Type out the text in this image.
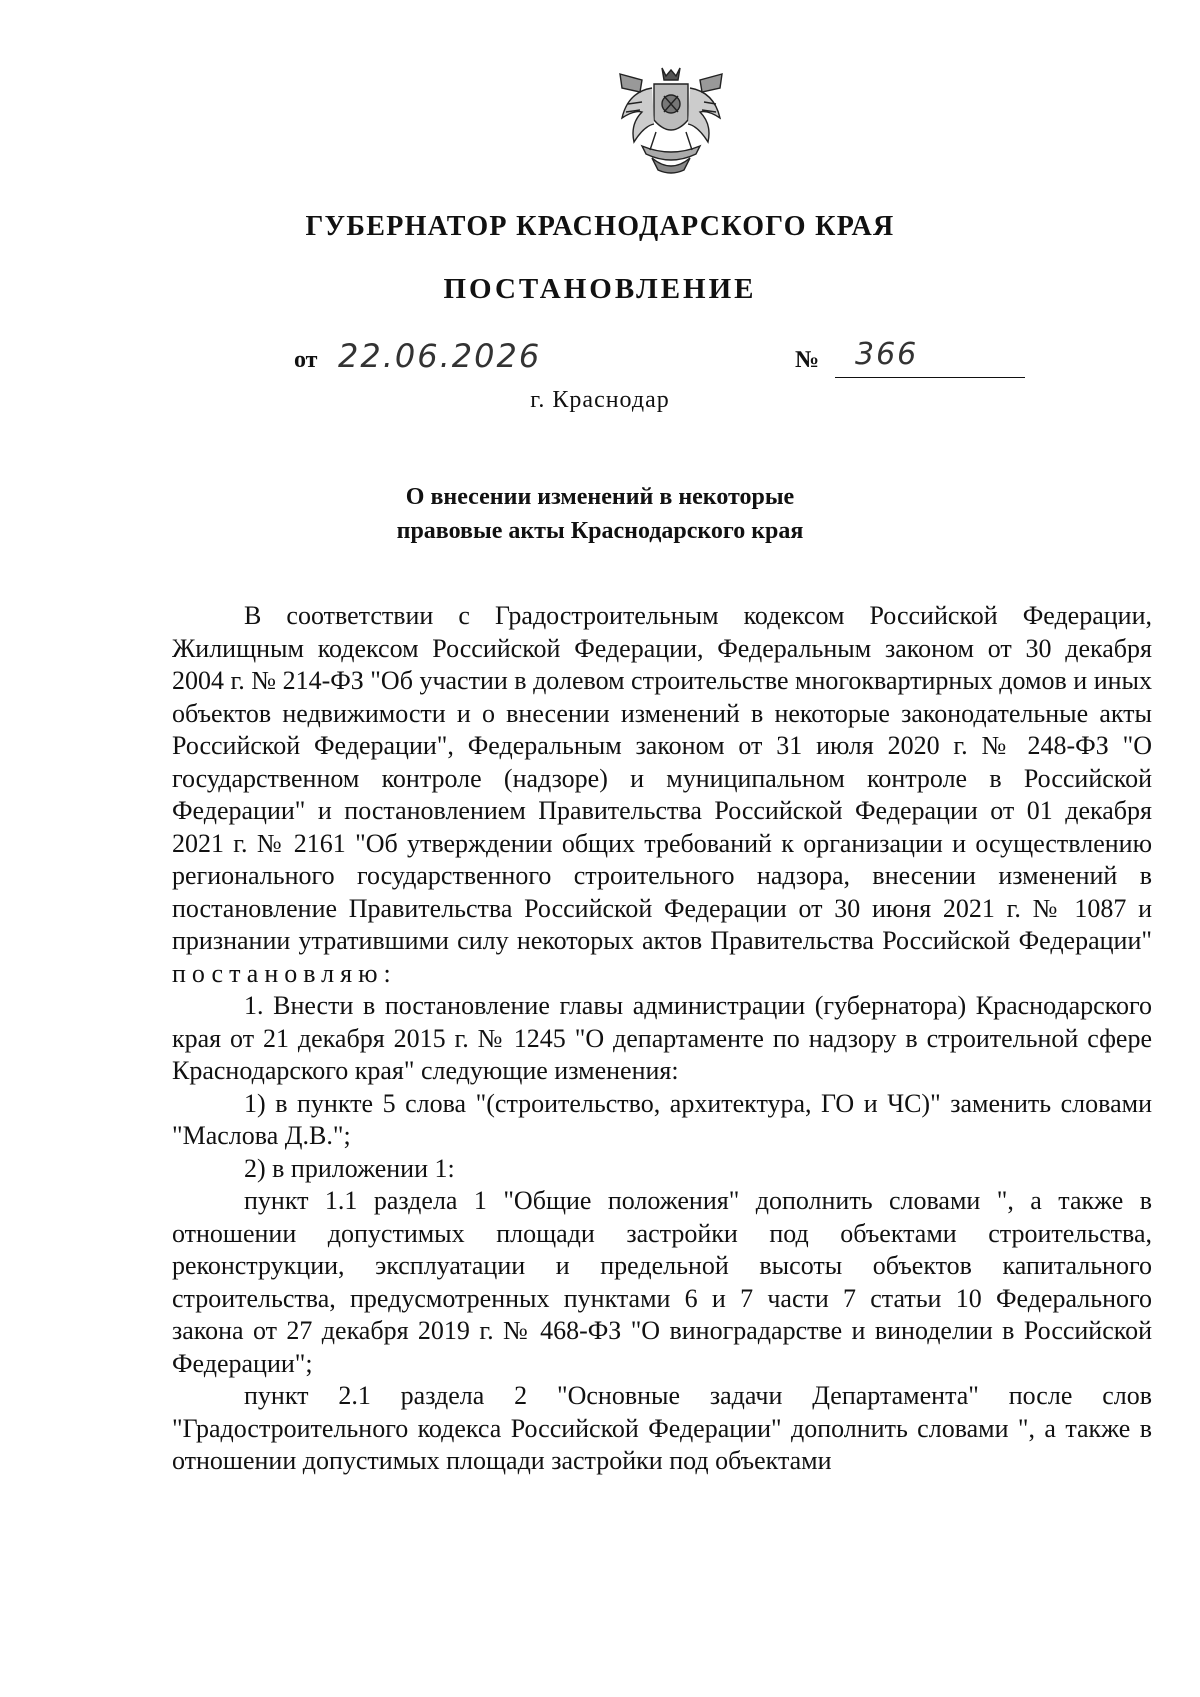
ГУБЕРНАТОР КРАСНОДАРСКОГО КРАЯ
ПОСТАНОВЛЕНИЕ
от 22.06.2026	№ 366
г. Краснодар
О внесении изменений в некоторые
правовые акты Краснодарского края

В соответствии с Градостроительным кодексом Российской Федерации, Жилищным кодексом Российской Федерации, Федеральным законом от 30 декабря 2004 г. № 214-ФЗ "Об участии в долевом строительстве многоквартирных домов и иных объектов недвижимости и о внесении изменений в некоторые законодательные акты Российской Федерации", Федеральным законом от 31 июля 2020 г. № 248-ФЗ "О государственном контроле (надзоре) и муниципальном контроле в Российской Федерации" и постановлением Правительства Российской Федерации от 01 декабря 2021 г. № 2161 "Об утверждении общих требований к организации и осуществлению регионального государственного строительного надзора, внесении изменений в постановление Правительства Российской Федерации от 30 июня 2021 г. № 1087 и признании утратившими силу некоторых актов Правительства Российской Федерации" постановляю:

1. Внести в постановление главы администрации (губернатора) Краснодарского края от 21 декабря 2015 г. № 1245 "О департаменте по надзору в строительной сфере Краснодарского края" следующие изменения:

1) в пункте 5 слова "(строительство, архитектура, ГО и ЧС)" заменить словами "Маслова Д.В.";

2) в приложении 1:

пункт 1.1 раздела 1 "Общие положения" дополнить словами ", а также в отношении допустимых площади застройки под объектами строительства, реконструкции, эксплуатации и предельной высоты объектов капитального строительства, предусмотренных пунктами 6 и 7 части 7 статьи 10 Федерального закона от 27 декабря 2019 г. № 468-ФЗ "О виноградарстве и виноделии в Российской Федерации";

пункт 2.1 раздела 2 "Основные задачи Департамента" после слов "Градостроительного кодекса Российской Федерации" дополнить словами ", а также в отношении допустимых площади застройки под объектами
